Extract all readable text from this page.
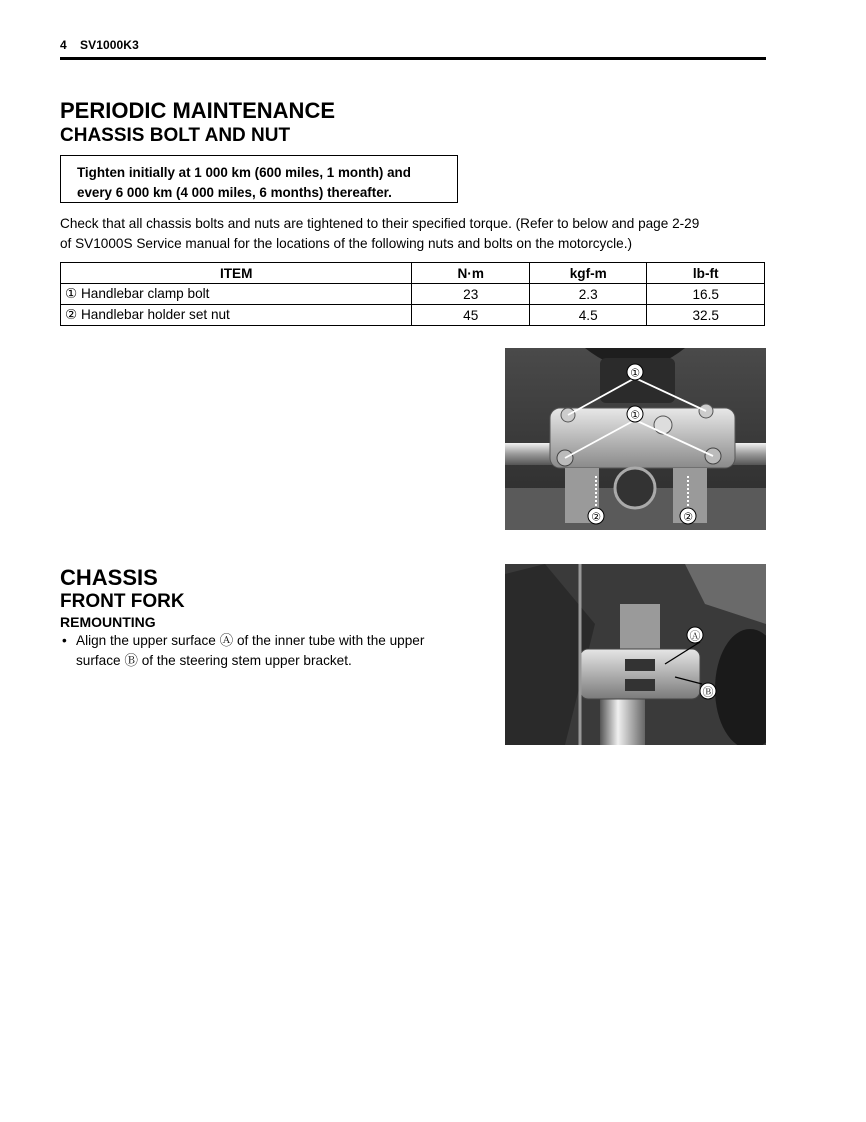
4 SV1000K3
PERIODIC MAINTENANCE
CHASSIS BOLT AND NUT
Tighten initially at 1 000 km (600 miles, 1 month) and
every 6 000 km (4 000 miles, 6 months) thereafter.

Check that all chassis bolts and nuts are tightened to their specified torque. (Refer to below and page 2-29
of SV1000S Service manual for the locations of the following nuts and bolts on the motorcycle.)

ITEM	N·m	kgf-m	lb-ft
① Handlebar clamp bolt	23	2.3	16.5
② Handlebar holder set nut	45	4.5	32.5
①
①
②	②
CHASSIS
FRONT FORK
REMOUNTING
• Align the upper surface Ⓐ of the inner tube with the upper
surface Ⓑ of the steering stem upper bracket.
Ⓐ
Ⓑ
